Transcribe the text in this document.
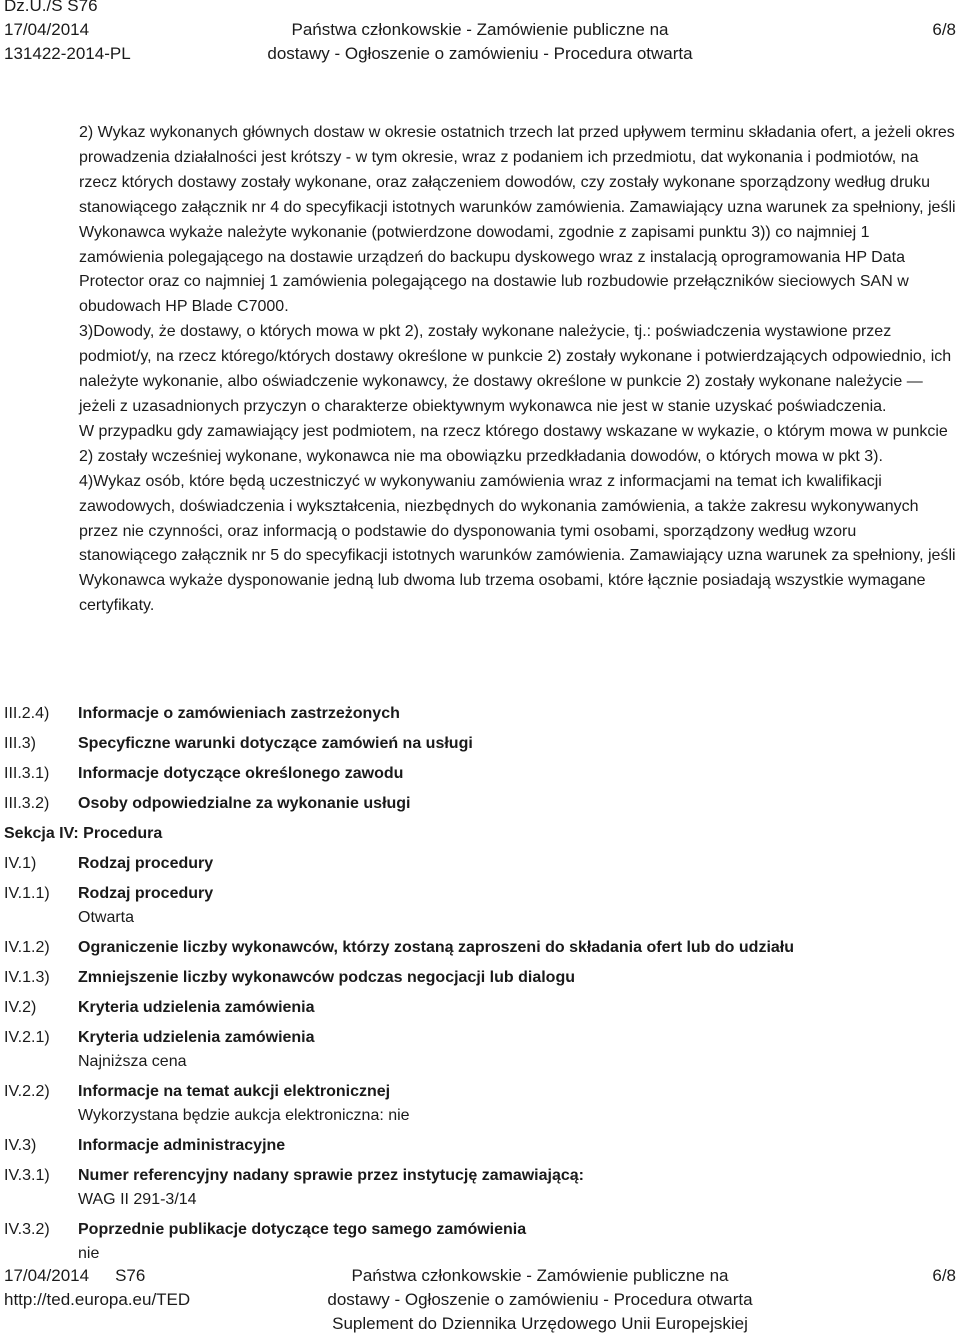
Dz.U./S S76
17/04/2014
131422-2014-PL
Państwa członkowskie - Zamówienie publiczne na
dostawy - Ogłoszenie o zamówieniu - Procedura otwarta
6/8

2) Wykaz wykonanych głównych dostaw w okresie ostatnich trzech lat przed upływem terminu składania ofert, a jeżeli okres prowadzenia działalności jest krótszy - w tym okresie, wraz z podaniem ich przedmiotu, dat wykonania i podmiotów, na rzecz których dostawy zostały wykonane, oraz załączeniem dowodów, czy zostały wykonane sporządzony według druku stanowiącego załącznik nr 4 do specyfikacji istotnych warunków zamówienia. Zamawiający uzna warunek za spełniony, jeśli Wykonawca wykaże należyte wykonanie (potwierdzone dowodami, zgodnie z zapisami punktu 3)) co najmniej 1 zamówienia polegającego na dostawie urządzeń do backupu dyskowego wraz z instalacją oprogramowania HP Data Protector oraz co najmniej 1 zamówienia polegającego na dostawie lub rozbudowie przełączników sieciowych SAN w obudowach HP Blade C7000.

3)Dowody, że dostawy, o których mowa w pkt 2), zostały wykonane należycie, tj.: poświadczenia wystawione przez podmiot/y, na rzecz którego/których dostawy określone w punkcie 2) zostały wykonane i potwierdzających odpowiednio, ich należyte wykonanie, albo oświadczenie wykonawcy, że dostawy określone w punkcie 2) zostały wykonane należycie — jeżeli z uzasadnionych przyczyn o charakterze obiektywnym wykonawca nie jest w stanie uzyskać poświadczenia.

W przypadku gdy zamawiający jest podmiotem, na rzecz którego dostawy wskazane w wykazie, o którym mowa w punkcie 2) zostały wcześniej wykonane, wykonawca nie ma obowiązku przedkładania dowodów, o których mowa w pkt 3).

4)Wykaz osób, które będą uczestniczyć w wykonywaniu zamówienia wraz z informacjami na temat ich kwalifikacji zawodowych, doświadczenia i wykształcenia, niezbędnych do wykonania zamówienia, a także zakresu wykonywanych przez nie czynności, oraz informacją o podstawie do dysponowania tymi osobami, sporządzony według wzoru stanowiącego załącznik nr 5 do specyfikacji istotnych warunków zamówienia. Zamawiający uzna warunek za spełniony, jeśli Wykonawca wykaże dysponowanie jedną lub dwoma lub trzema osobami, które łącznie posiadają wszystkie wymagane certyfikaty.

III.2.4)	Informacje o zamówieniach zastrzeżonych
III.3)	Specyficzne warunki dotyczące zamówień na usługi
III.3.1)	Informacje dotyczące określonego zawodu
III.3.2)	Osoby odpowiedzialne za wykonanie usługi
Sekcja IV: Procedura
IV.1)	Rodzaj procedury
IV.1.1)	Rodzaj procedury
Otwarta
IV.1.2)	Ograniczenie liczby wykonawców, którzy zostaną zaproszeni do składania ofert lub do udziału
IV.1.3)	Zmniejszenie liczby wykonawców podczas negocjacji lub dialogu
IV.2)	Kryteria udzielenia zamówienia
IV.2.1)	Kryteria udzielenia zamówienia
Najniższa cena
IV.2.2)	Informacje na temat aukcji elektronicznej
Wykorzystana będzie aukcja elektroniczna: nie
IV.3)	Informacje administracyjne
IV.3.1)	Numer referencyjny nadany sprawie przez instytucję zamawiającą:
WAG II 291-3/14
IV.3.2)	Poprzednie publikacje dotyczące tego samego zamówienia
nie
17/04/2014 S76
http://ted.europa.eu/TED
Państwa członkowskie - Zamówienie publiczne na
dostawy - Ogłoszenie o zamówieniu - Procedura otwarta
Suplement do Dziennika Urzędowego Unii Europejskiej
6/8
